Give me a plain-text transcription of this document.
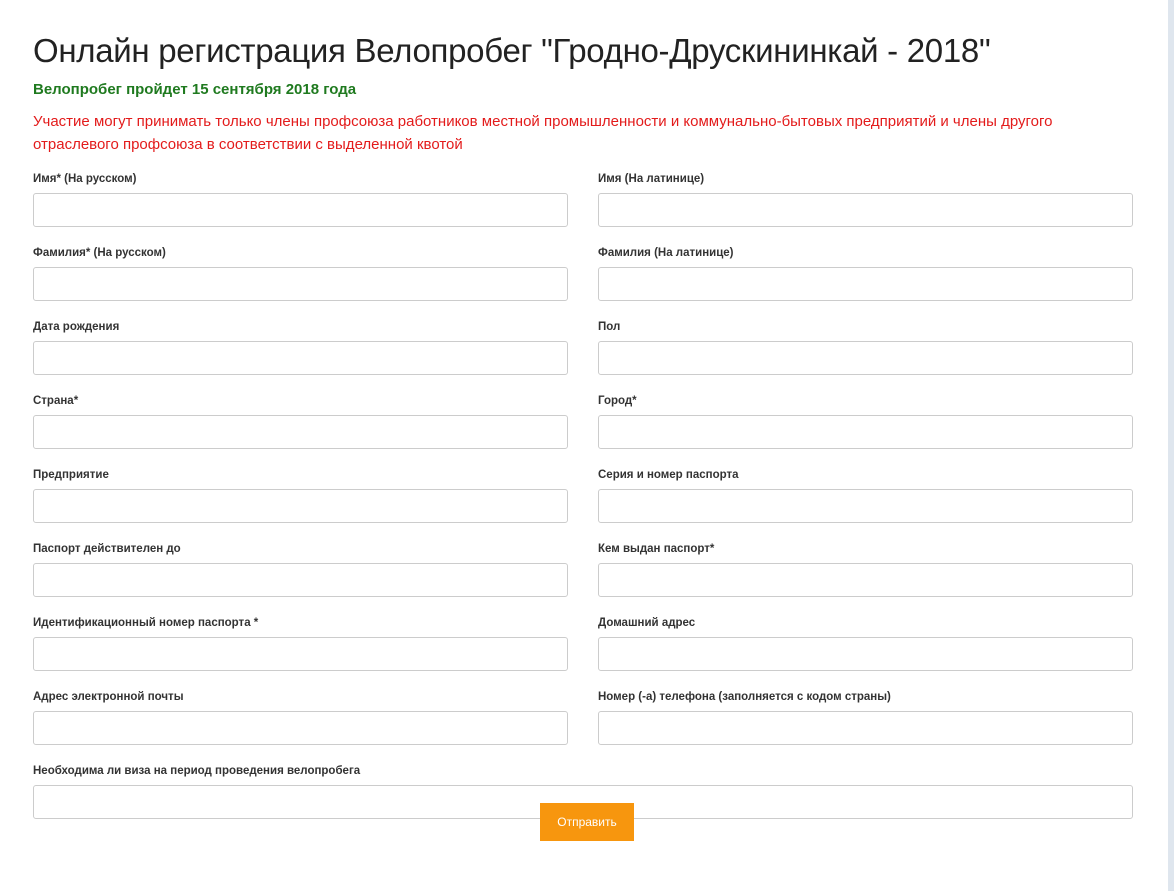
Онлайн регистрация Велопробег "Гродно-Друскининкай - 2018"
Велопробег пройдет 15 сентября 2018 года
Участие могут принимать только члены профсоюза работников местной промышленности и коммунально-бытовых предприятий и члены другого отраслевого профсоюза в соответствии с выделенной квотой
Имя* (На русском)	Имя (На латинице)
Фамилия* (На русском)	Фамилия (На латинице)
Дата рождения	Пол
Страна*	Город*
Предприятие	Серия и номер паспорта
Паспорт действителен до	Кем выдан паспорт*
Идентификационный номер паспорта *	Домашний адрес
Адрес электронной почты	Номер (-а) телефона (заполняется с кодом страны)
Необходима ли виза на период проведения велопробега
Отправить
